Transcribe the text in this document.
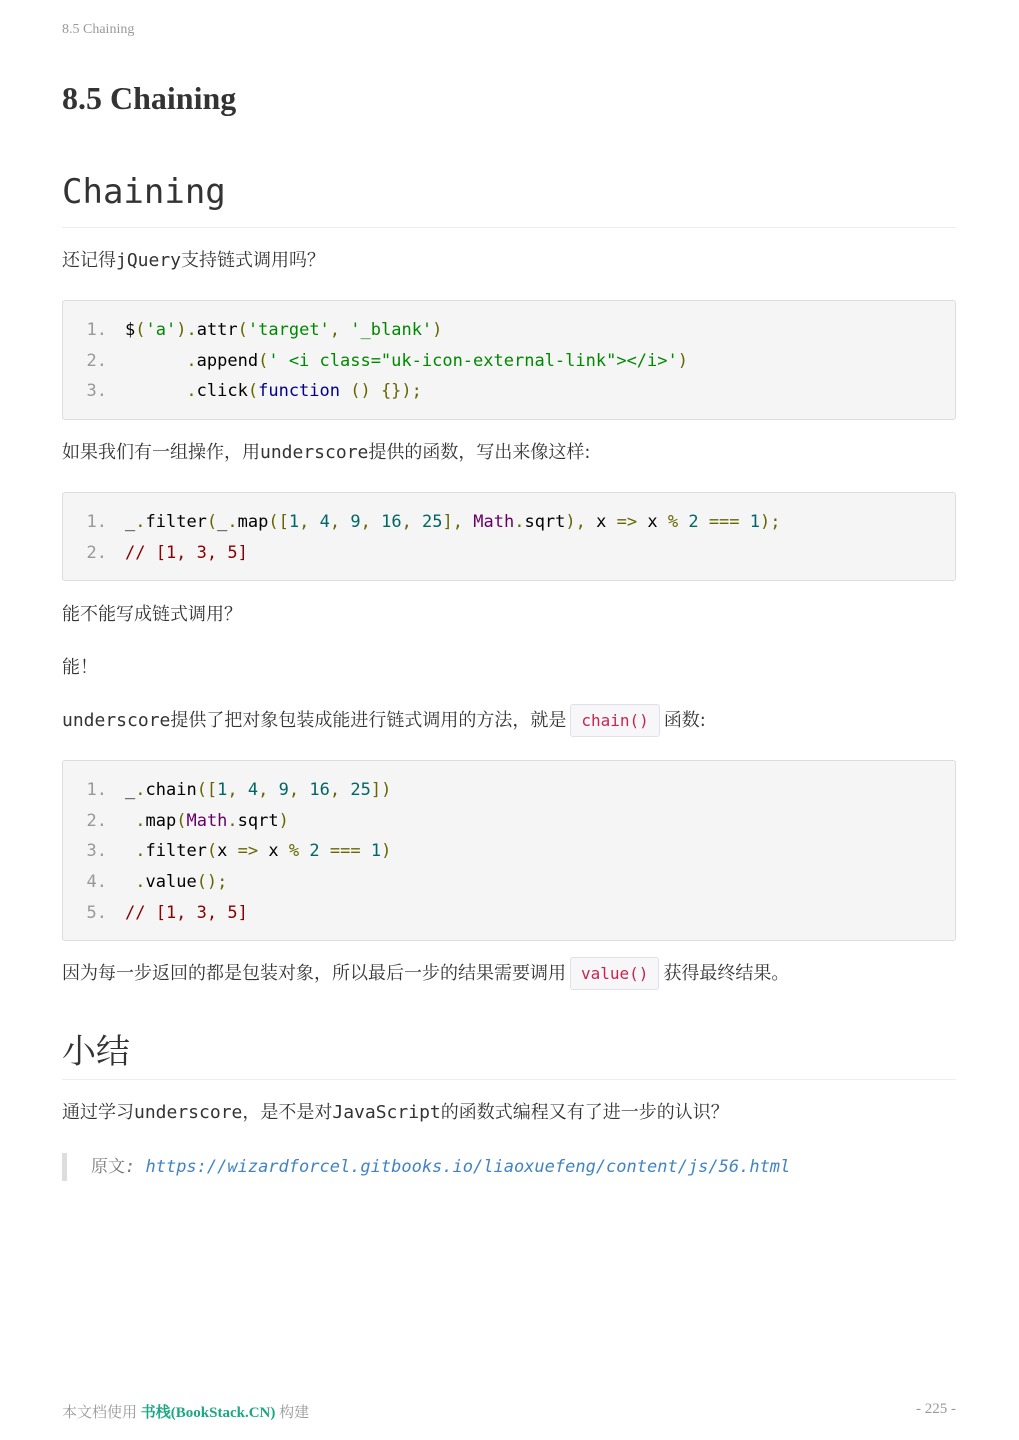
8.5 Chaining
8.5 Chaining
Chaining

还记得jQuery支持链式调用吗？

1.	$('a').attr('target', '_blank')
2.	.append(' <i class="uk-icon-external-link"></i>')
3.	.click(function () {});

如果我们有一组操作，用underscore提供的函数，写出来像这样:

1.	_.filter(_.map([1, 4, 9, 16, 25], Math.sqrt), x => x % 2 === 1);
2.	// [1, 3, 5]

能不能写成链式调用？

能！

underscore提供了把对象包装成能进行链式调用的方法，就是 chain() 函数:

1.	_.chain([1, 4, 9, 16, 25])
2.	.map(Math.sqrt)
3.	.filter(x => x % 2 === 1)
4.	.value();
5.	// [1, 3, 5]

因为每一步返回的都是包装对象，所以最后一步的结果需要调用 value() 获得最终结果。

小结

通过学习underscore，是不是对JavaScript的函数式编程又有了进一步的认识？

原文: https://wizardforcel.gitbooks.io/liaoxuefeng/content/js/56.html
本文档使用 书栈(BookStack.CN) 构建	- 225 -
